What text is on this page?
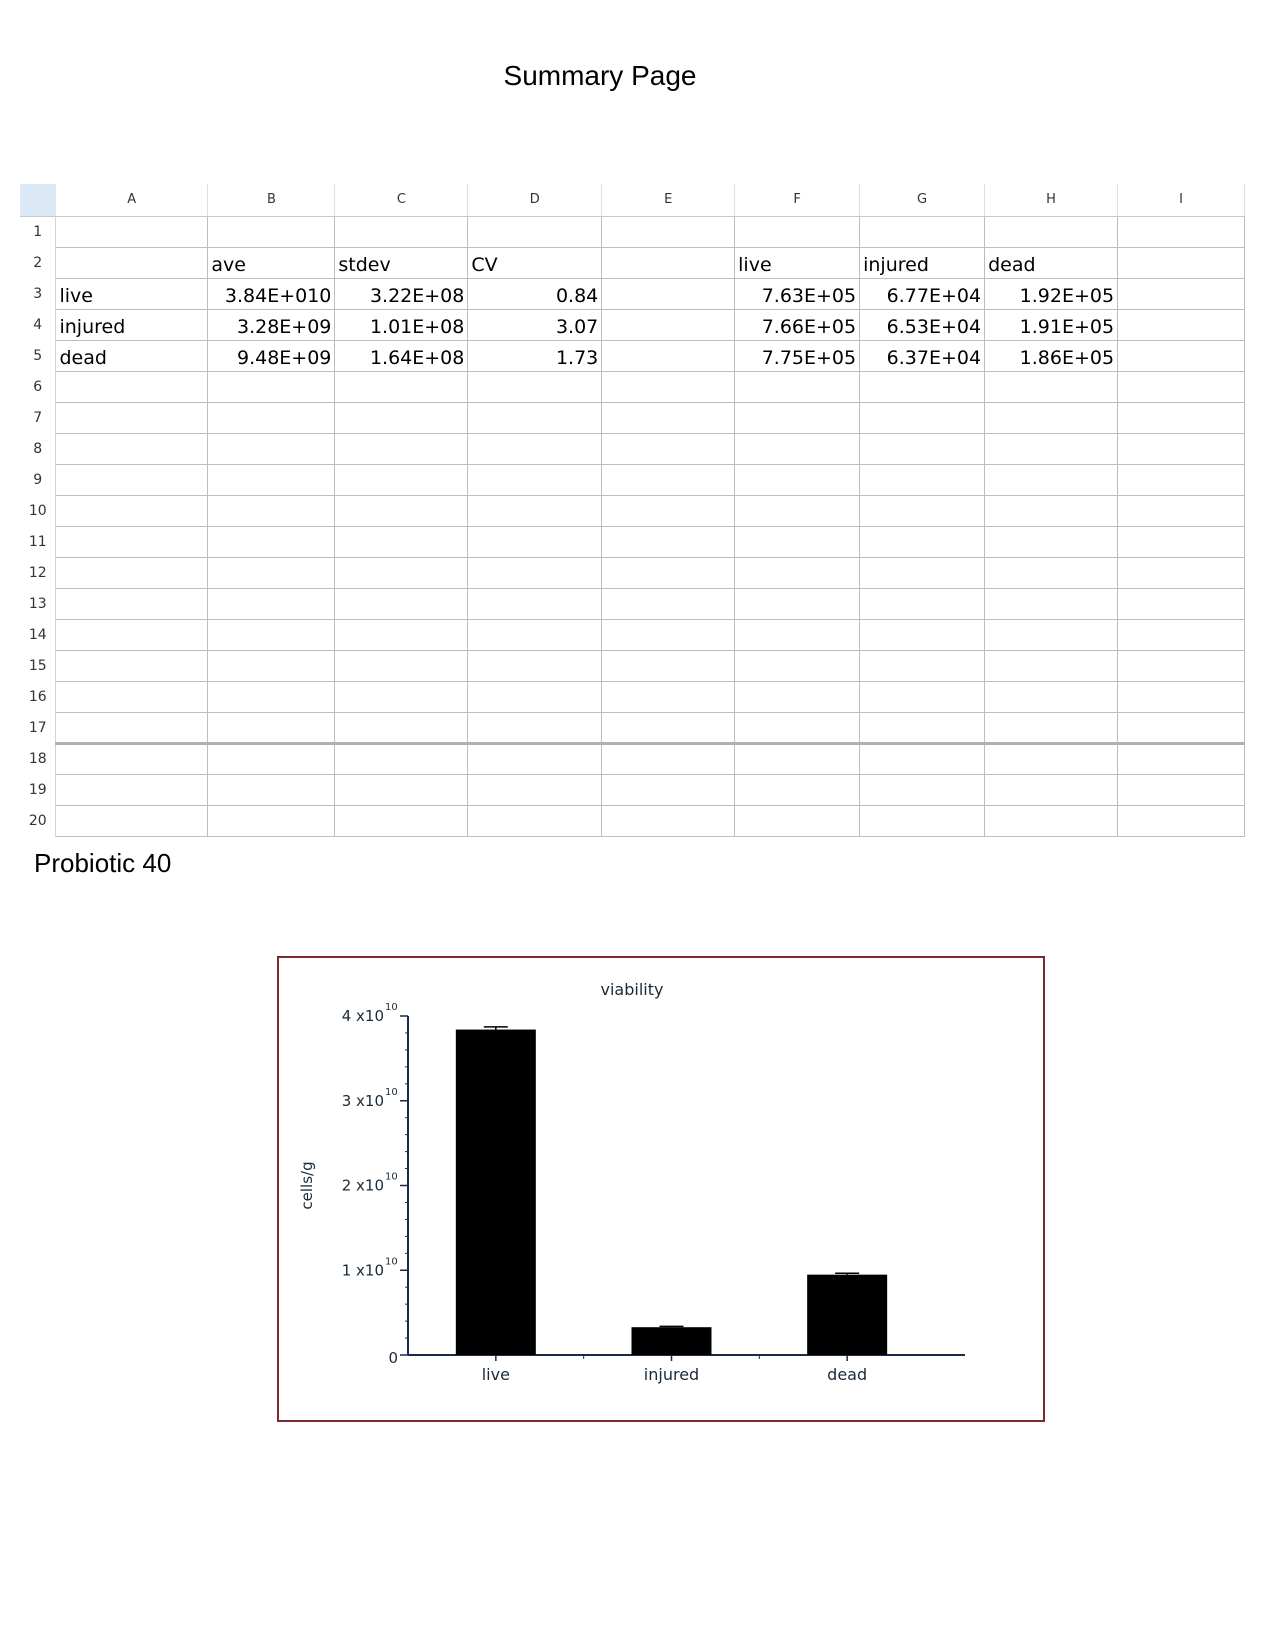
Summary Page
	A	B	C	D	E	F	G	H	I
1									
2		ave	stdev	CV		live	injured	dead	
3	live	3.84E+010	3.22E+08	0.84		7.63E+05	6.77E+04	1.92E+05	
4	injured	3.28E+09	1.01E+08	3.07		7.66E+05	6.53E+04	1.91E+05	
5	dead	9.48E+09	1.64E+08	1.73		7.75E+05	6.37E+04	1.86E+05	
6									
7									
8									
9									
10									
11									
12									
13									
14									
15									
16									
17									
18									
19									
20									
Probiotic 40
viability
cells/g
0
1 x10 10
2 x10 10
3 x10 10
4 x10 10
live	injured	dead
